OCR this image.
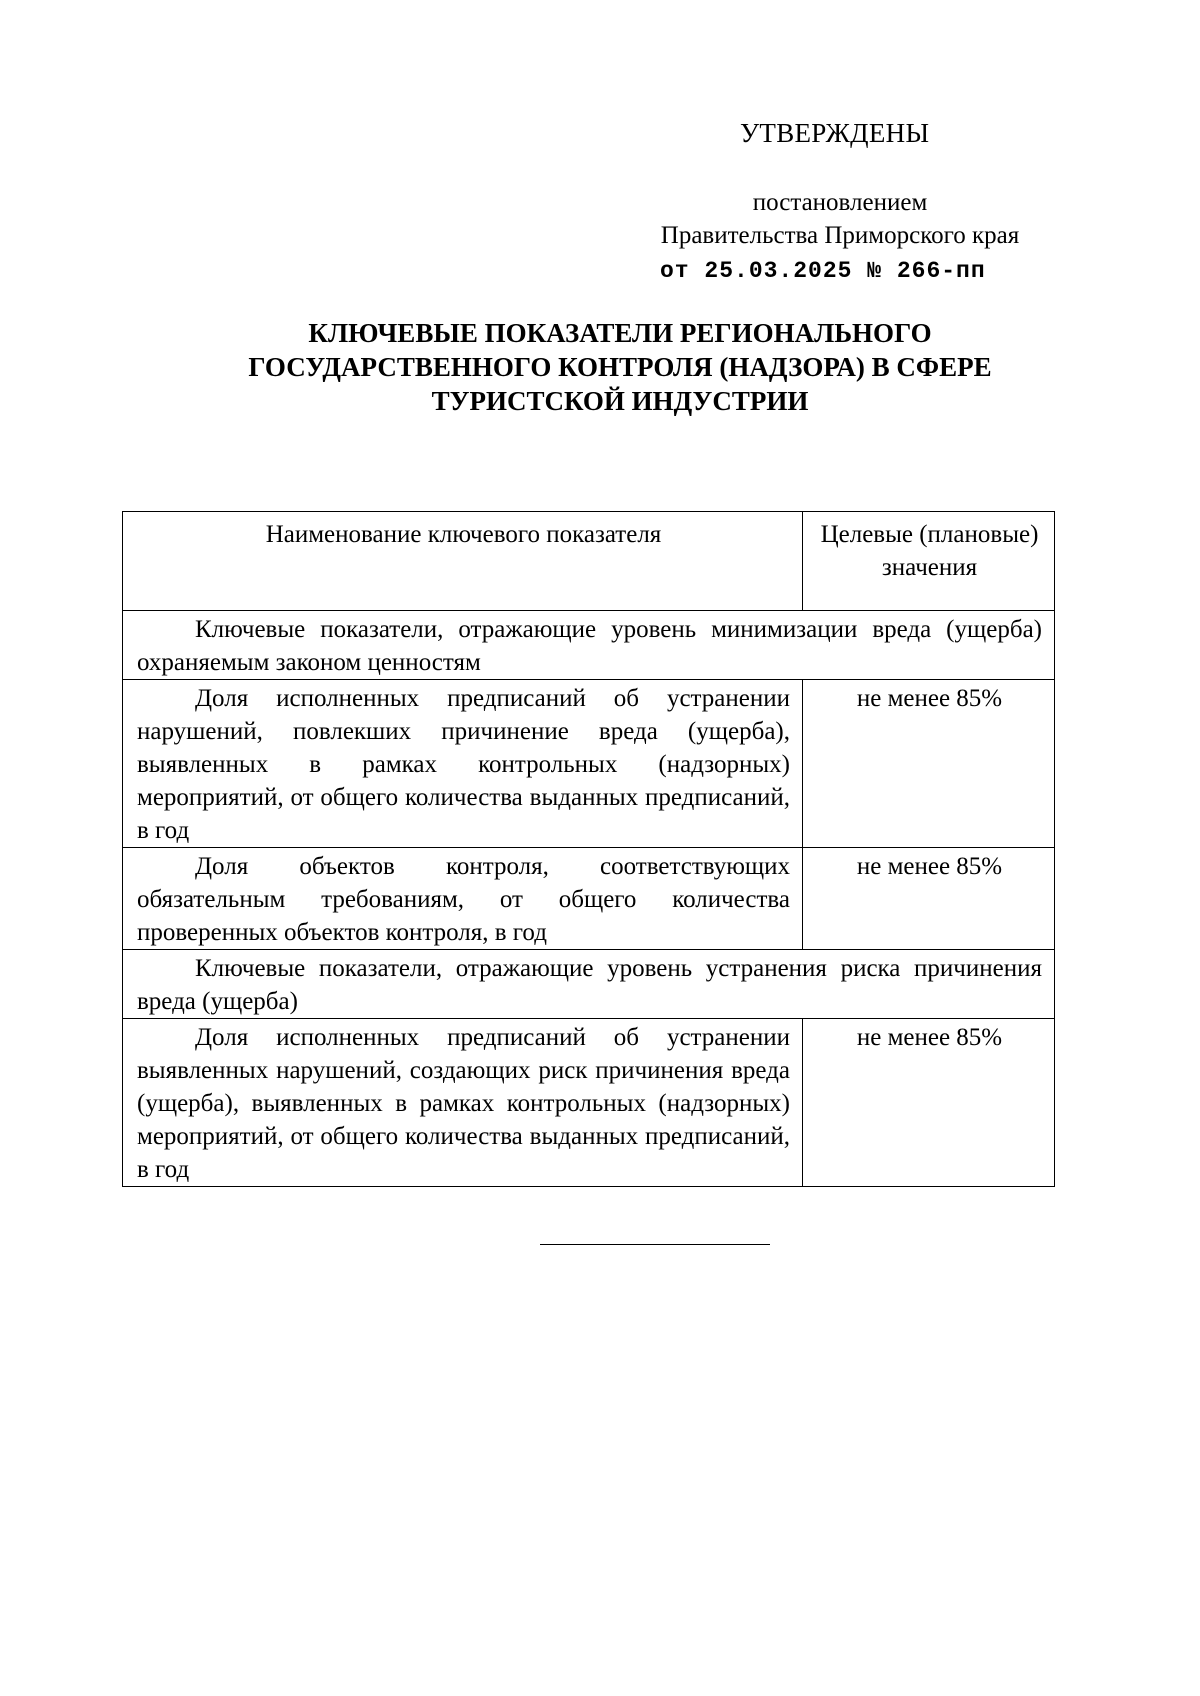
УТВЕРЖДЕНЫ
постановлением
Правительства Приморского края
от 25.03.2025 № 266-пп
КЛЮЧЕВЫЕ ПОКАЗАТЕЛИ РЕГИОНАЛЬНОГО
ГОСУДАРСТВЕННОГО КОНТРОЛЯ (НАДЗОРА) В СФЕРЕ
ТУРИСТСКОЙ ИНДУСТРИИ
Наименование ключевого показателя	Целевые (плановые) значения
Ключевые показатели, отражающие уровень минимизации вреда (ущерба) охраняемым законом ценностям	
Доля исполненных предписаний об устранении нарушений, повлекших причинение вреда (ущерба), выявленных в рамках контрольных (надзорных) мероприятий, от общего количества выданных предписаний, в год	не менее 85%
Доля объектов контроля, соответствующих обязательным требованиям, от общего количества проверенных объектов контроля, в год	не менее 85%
Ключевые показатели, отражающие уровень устранения риска причинения вреда (ущерба)	
Доля исполненных предписаний об устранении выявленных нарушений, создающих риск причинения вреда (ущерба), выявленных в рамках контрольных (надзорных) мероприятий, от общего количества выданных предписаний, в год	не менее 85%
